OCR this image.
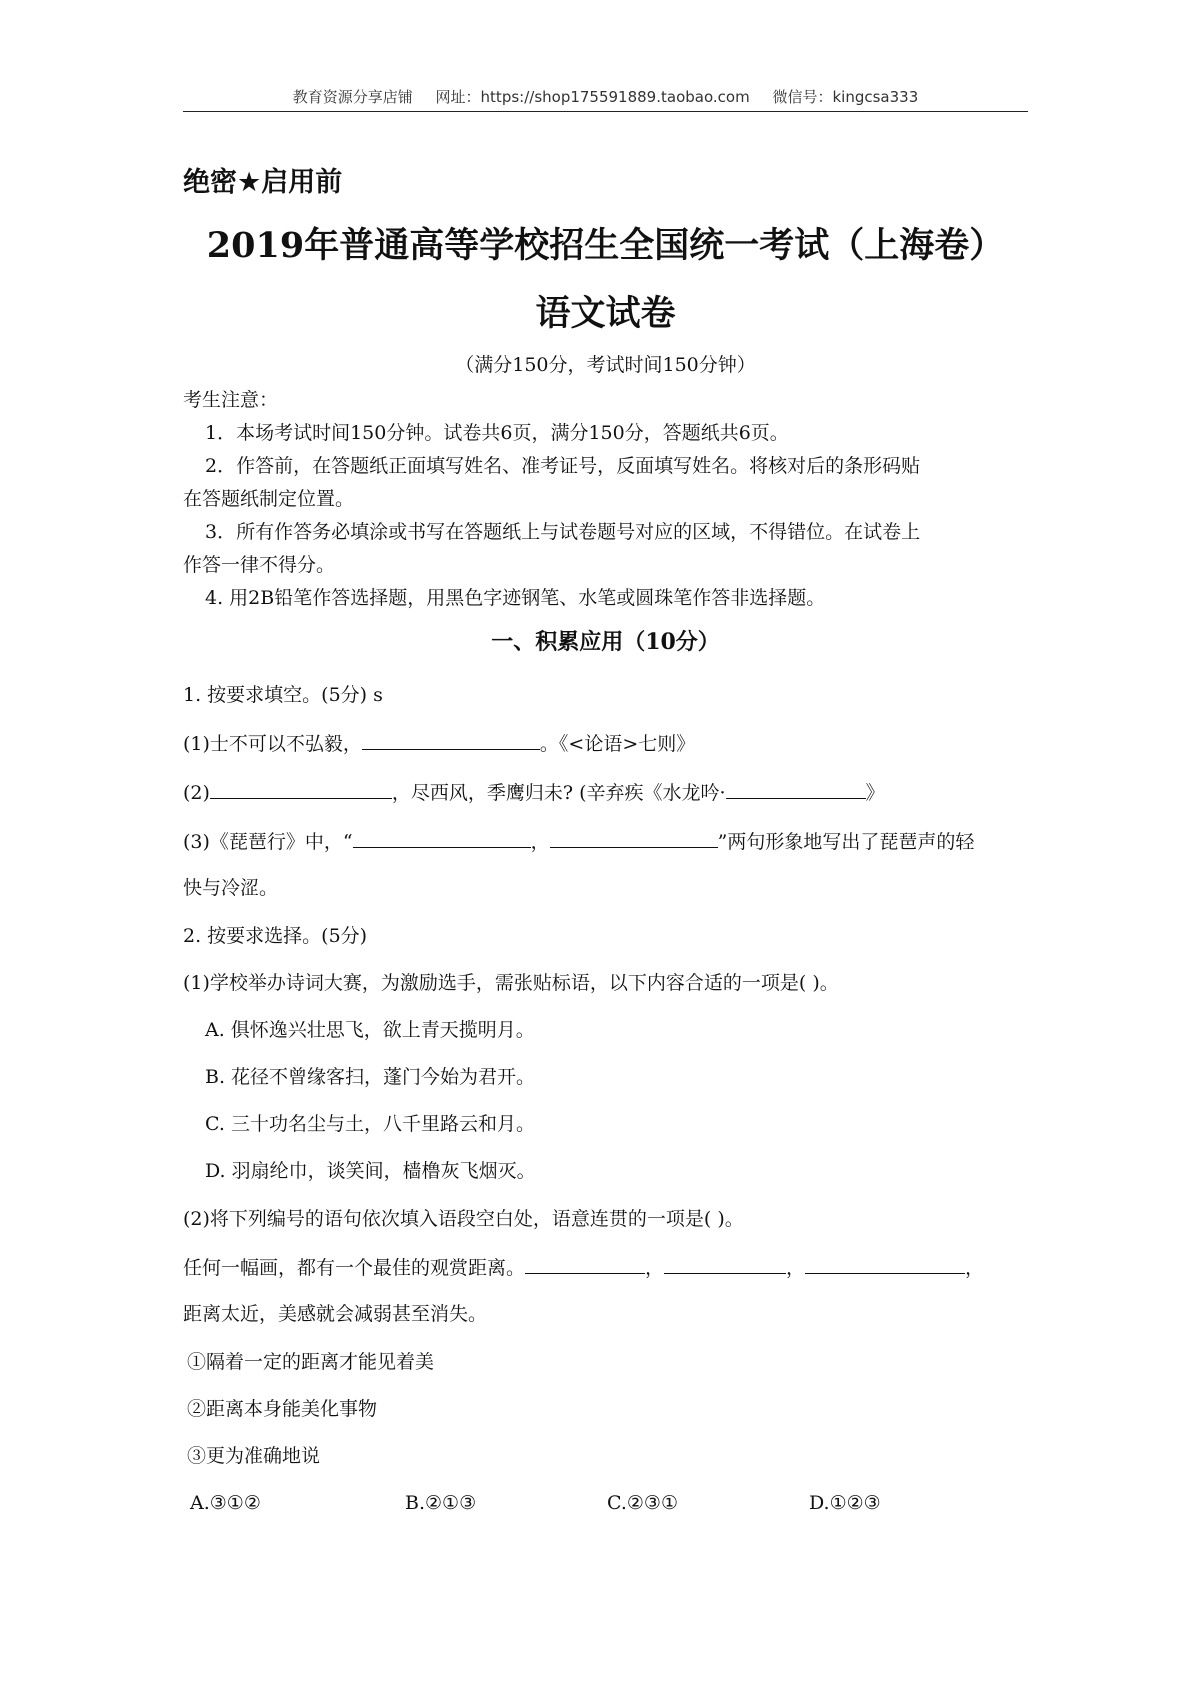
教育资源分享店铺 网址：https://shop175591889.taobao.com 微信号：kingcsa333
绝密★启用前
2019年普通高等学校招生全国统一考试（上海卷）
语文试卷
（满分150分，考试时间150分钟）
考生注意：
1．本场考试时间150分钟。试卷共6页，满分150分，答题纸共6页。
2．作答前，在答题纸正面填写姓名、准考证号，反面填写姓名。将核对后的条形码贴
在答题纸制定位置。
3．所有作答务必填涂或书写在答题纸上与试卷题号对应的区域，不得错位。在试卷上
作答一律不得分。
4. 用2B铅笔作答选择题，用黑色字迹钢笔、水笔或圆珠笔作答非选择题。
一、积累应用（10分）
1. 按要求填空。(5分) s
(1)士不可以不弘毅，	。《<论语>七则》
(2)	，尽西风，季鹰归未? (辛弃疾《水龙吟·	》
(3)《琵琶行》中，“	，	”两句形象地写出了琵琶声的轻
快与冷涩。
2. 按要求选择。(5分)
(1)学校举办诗词大赛，为激励选手，需张贴标语，以下内容合适的一项是( )。
A. 俱怀逸兴壮思飞，欲上青天揽明月。
B. 花径不曾缘客扫，蓬门今始为君开。
C. 三十功名尘与土，八千里路云和月。
D. 羽扇纶巾，谈笑间，樯橹灰飞烟灭。
(2)将下列编号的语句依次填入语段空白处，语意连贯的一项是( )。
任何一幅画，都有一个最佳的观赏距离。	，	，	，
距离太近，美感就会减弱甚至消失。
①隔着一定的距离才能见着美
②距离本身能美化事物
③更为准确地说
A.③①②	B.②①③	C.②③①	D.①②③
